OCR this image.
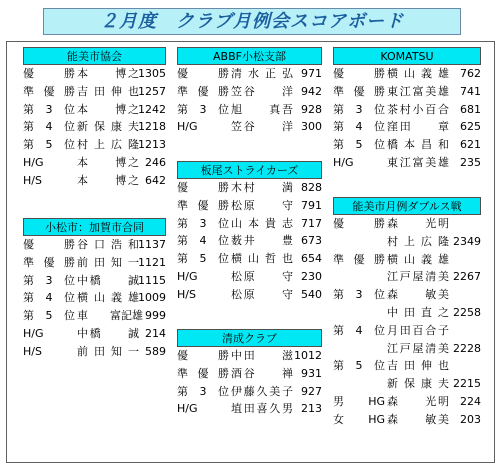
２月度　クラブ月例会スコアボード
能美市協会
優勝 本　　博之 1305
準優勝 吉田伸也 1257
第3位 本　　博之 1242
第4位 新保康夫 1218
第5位 村上広隆 1213
H/G	本　　博之 246
H/S	本　　博之 642
小松市：加賀市合同
優勝 谷口浩和 1137
準優勝 前田知一 1121
第3位 中橋　　誠 1115
第4位 横山義雄 1009
第5位 車　　富記雄 999
H/G	中橋　　誠 214
H/S	前田知一 589
ABBF小松支部
優勝 清水正弘 971
準優勝 笠谷　　洋 942
第3位 旭　　真吾 928
H/G	笠谷　　洋 300
板尾ストライカーズ
優勝 木村　　満 828
準優勝 松原　　守 791
第3位 山本貴志 717
第4位 薮井　　豊 673
第5位 横山哲也 654
H/G	松原　　守 230
H/S	松原　　守 540
清成クラブ
優勝 中田　　滋 1012
準優勝 酒谷　　禅 931
第3位 伊藤久美子 927
H/G	埴田喜久男 213
KOMATSU
優勝 横山義雄 762
準優勝 東江富美雄 741
第3位 茶村小百合 681
第4位 窪田　　章 625
第5位 橋本昌和 621
H/G	東江富美雄 235
能美市月例ダブルス戦
優勝 森　　光明
村上広隆 2349
準優勝 横山義雄
江戸屋清美 2267
第3位 森　　敏美
中田直之 2258
第4位 月田百合子
江戸屋清美 2228
第5位 吉田伸也
新保康夫 2215
男HG 森　　光明 224
女HG 森　　敏美 203
